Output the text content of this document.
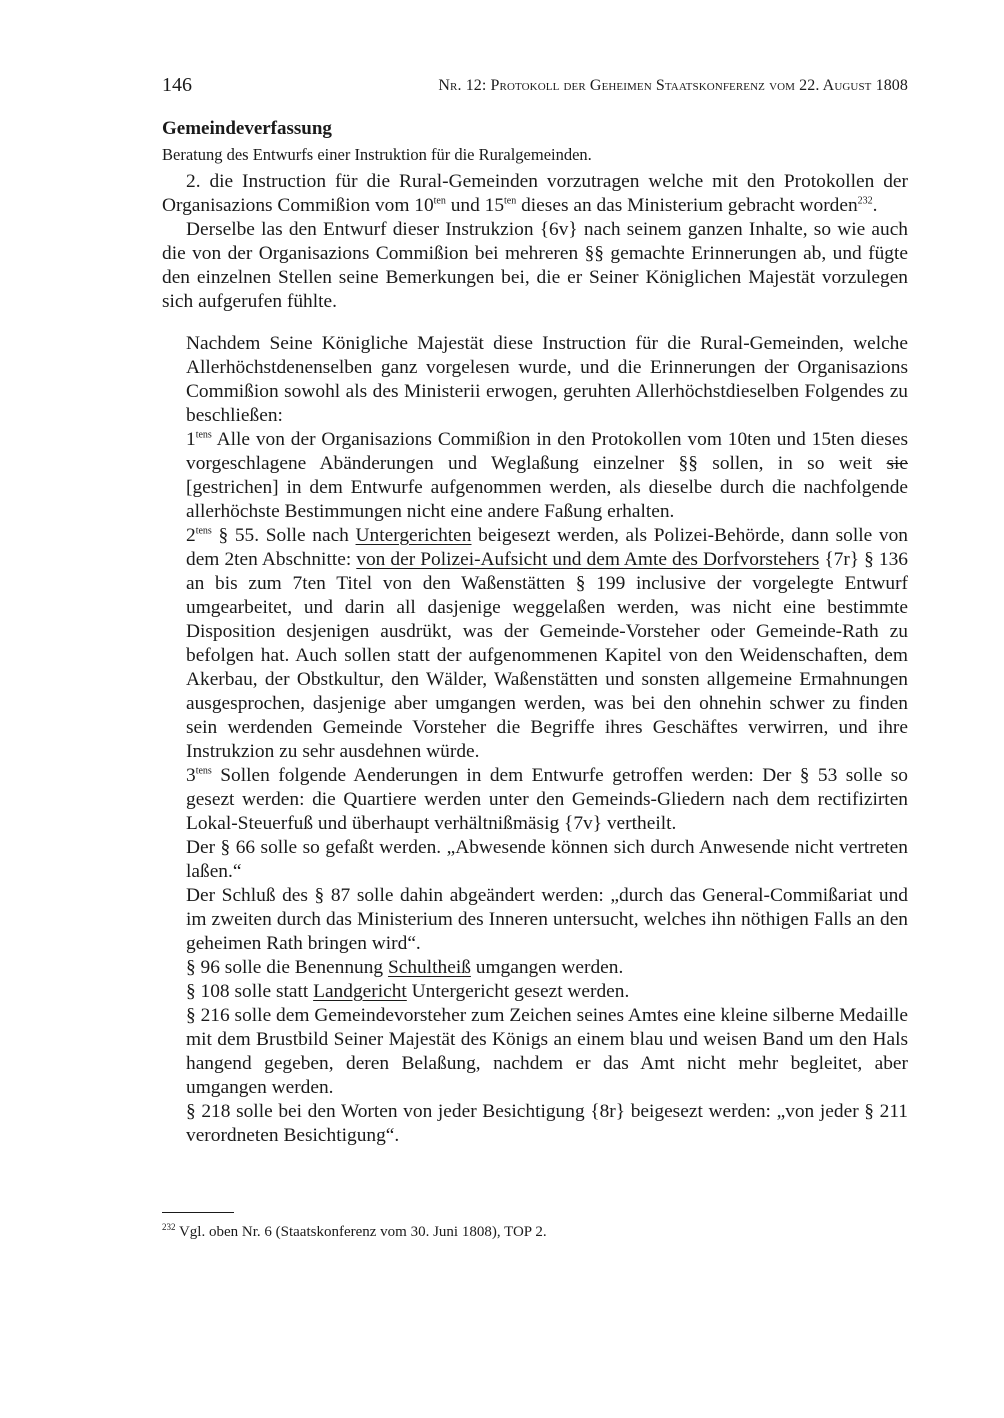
146	Nr. 12: Protokoll der Geheimen Staatskonferenz vom 22. August 1808
Gemeindeverfassung
Beratung des Entwurfs einer Instruktion für die Ruralgemeinden.

2. die Instruction für die Rural-Gemeinden vorzutragen welche mit den Protokollen der Organisazions Commißion vom $10^{ten}$ und $15^{ten}$ dieses an das Ministerium gebracht worden$^{232}$.

Derselbe las den Entwurf dieser Instrukzion {6v} nach seinem ganzen Inhalte, so wie auch die von der Organisazions Commißion bei mehreren §§ gemachte Erinnerungen ab, und fügte den einzelnen Stellen seine Bemerkungen bei, die er Seiner Königlichen Majestät vorzulegen sich aufgerufen fühlte.

Nachdem Seine Königliche Majestät diese Instruction für die Rural-Gemeinden, welche Allerhöchstdenenselben ganz vorgelesen wurde, und die Erinnerungen der Organisazions Commißion sowohl als des Ministerii erwogen, geruhten Allerhöchstdieselben Folgendes zu beschließen:

$1^{tens}$ Alle von der Organisazions Commißion in den Protokollen vom 10ten und 15ten dieses vorgeschlagene Abänderungen und Weglaßung einzelner §§ sollen, in so weit sie [gestrichen] in dem Entwurfe aufgenommen werden, als dieselbe durch die nachfolgende allerhöchste Bestimmungen nicht eine andere Faßung erhalten.

$2^{tens}$ § 55. Solle nach Untergerichten beigesezt werden, als Polizei-Behörde, dann solle von dem 2ten Abschnitte: von der Polizei-Aufsicht und dem Amte des Dorfvorstehers {7r} § 136 an bis zum 7ten Titel von den Waßenstätten § 199 inclusive der vorgelegte Entwurf umgearbeitet, und darin all dasjenige weggelaßen werden, was nicht eine bestimmte Disposition desjenigen ausdrükt, was der Gemeinde-Vorsteher oder Gemeinde-Rath zu befolgen hat. Auch sollen statt der aufgenommenen Kapitel von den Weidenschaften, dem Akerbau, der Obstkultur, den Wälder, Waßenstätten und sonsten allgemeine Ermahnungen ausgesprochen, dasjenige aber umgangen werden, was bei den ohnehin schwer zu finden sein werdenden Gemeinde Vorsteher die Begriffe ihres Geschäftes verwirren, und ihre Instrukzion zu sehr ausdehnen würde.

$3^{tens}$ Sollen folgende Aenderungen in dem Entwurfe getroffen werden: Der § 53 solle so gesezt werden: die Quartiere werden unter den Gemeinds-Gliedern nach dem rectifizirten Lokal-Steuerfuß und überhaupt verhältnißmäsig {7v} vertheilt.

Der § 66 solle so gefaßt werden. „Abwesende können sich durch Anwesende nicht vertreten laßen.“

Der Schluß des § 87 solle dahin abgeändert werden: „durch das General-Commißariat und im zweiten durch das Ministerium des Inneren untersucht, welches ihn nöthigen Falls an den geheimen Rath bringen wird“.

§ 96 solle die Benennung Schultheiß umgangen werden.

§ 108 solle statt Landgericht Untergericht gesezt werden.

§ 216 solle dem Gemeindevorsteher zum Zeichen seines Amtes eine kleine silberne Medaille mit dem Brustbild Seiner Majestät des Königs an einem blau und weisen Band um den Hals hangend gegeben, deren Belaßung, nachdem er das Amt nicht mehr begleitet, aber umgangen werden.

§ 218 solle bei den Worten von jeder Besichtigung {8r} beigesezt werden: „von jeder § 211 verordneten Besichtigung“.

$^{232}$ Vgl. oben Nr. 6 (Staatskonferenz vom 30. Juni 1808), TOP 2.
